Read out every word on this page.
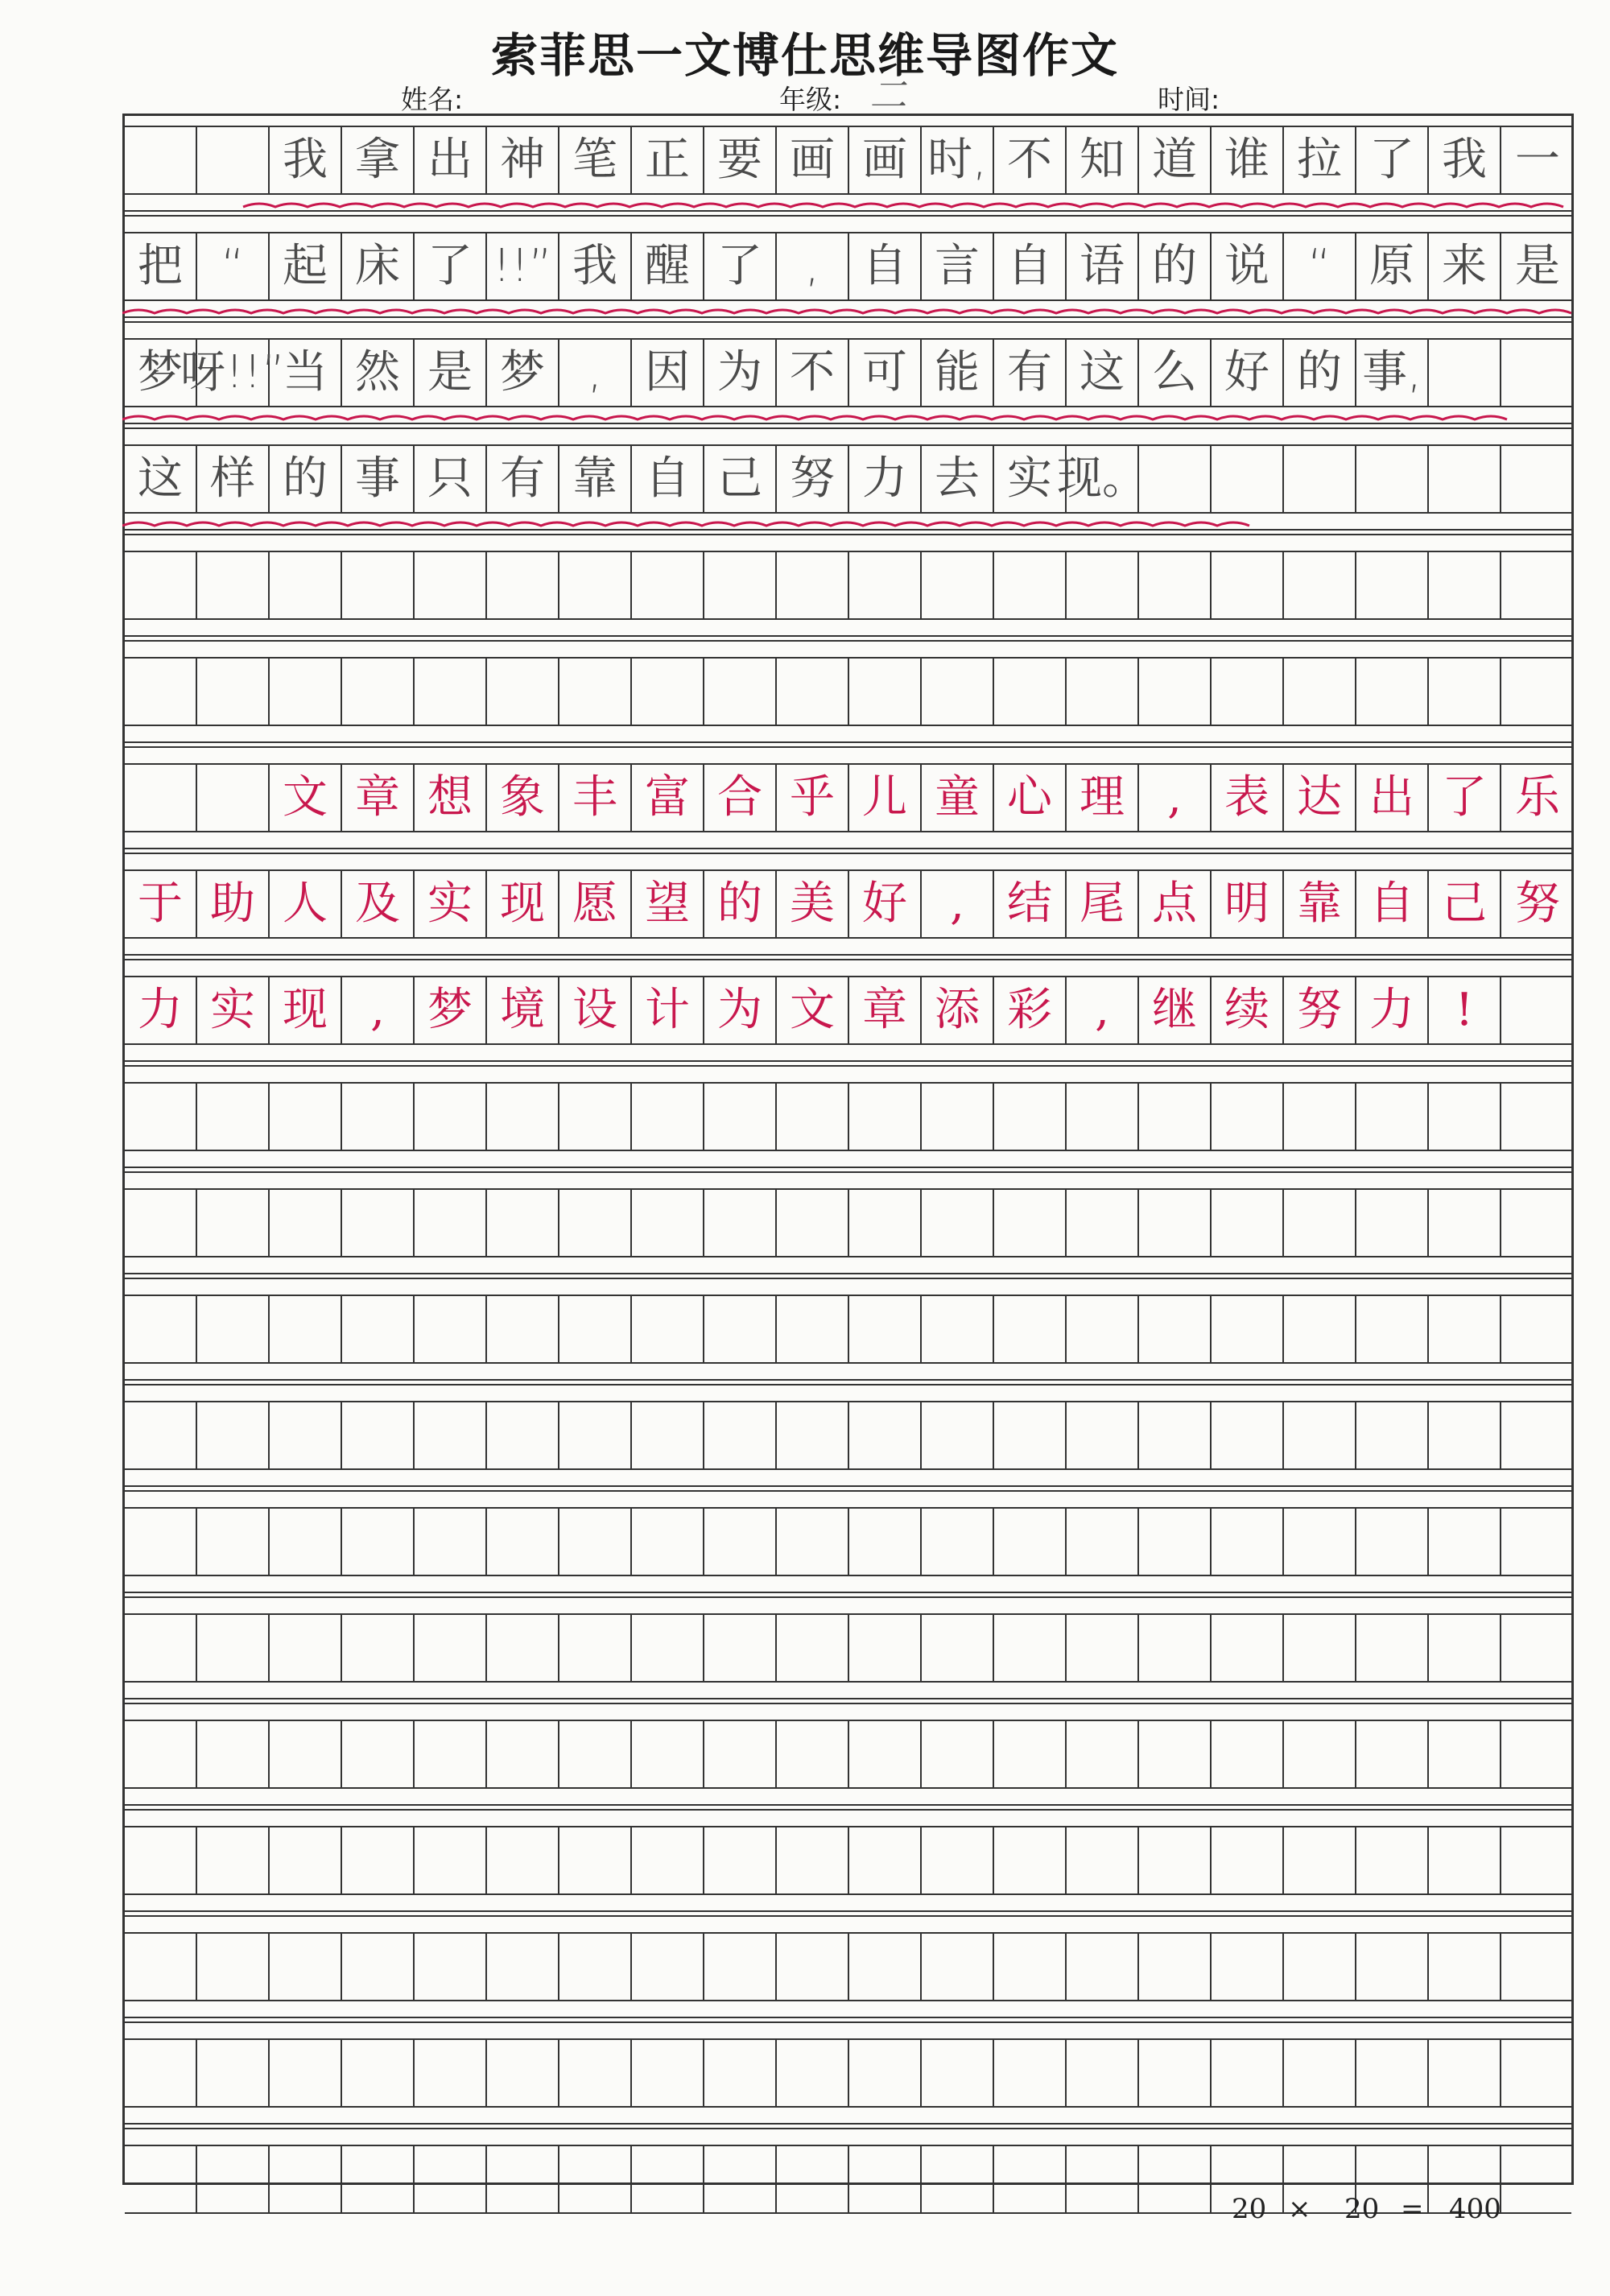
索菲思一文博仕思维导图作文
姓名:	年级: 二	时间:
我 拿 出 神 笔 正 要 画 画 时, 不 知 道 谁 拉 了 我 一
把 “ 起 床 了 !!” 我 醒 了 , 自 言 自 语 的 说 “ 原 来 是
梦
呀!!”
当 然 是 梦 , 因 为 不 可 能 有 这 么 好 的 事,
这 样 的 事 只 有 靠 自 己 努 力 去 实 现。
文 章 想 象 丰 富 合 乎 儿 童 心 理 , 表 达 出 了 乐
于 助 人 及 实 现 愿 望 的 美 好 , 结 尾 点 明 靠 自 己 努
力 实 现 , 梦 境 设 计 为 文 章 添 彩 , 继 续 努 力 !
20 × 20 = 400
